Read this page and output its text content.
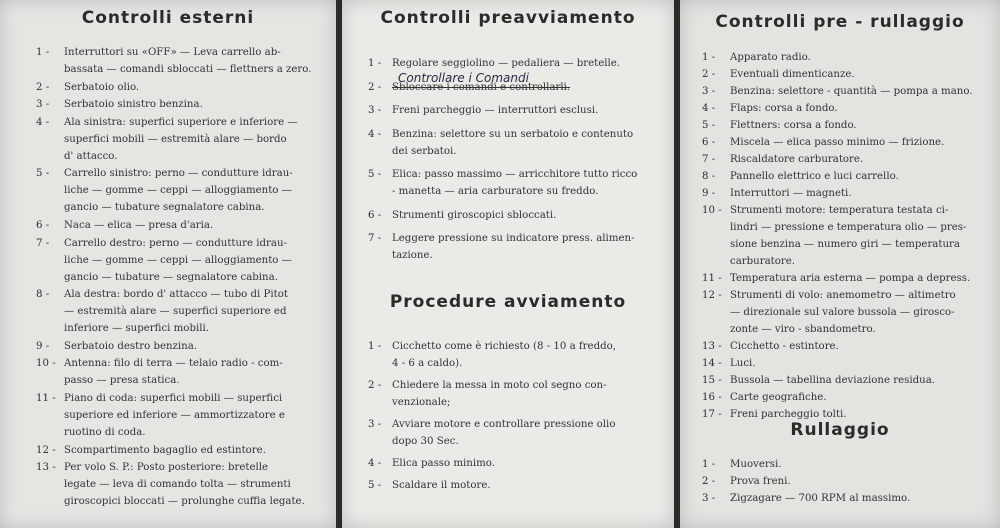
Controlli esterni
1 - Interruttori su «OFF» — Leva carrello ab-
bassata — comandi sbloccati — flettners a zero.
2 - Serbatoio olio.
3 - Serbatoio sinistro benzina.
4 - Ala sinistra: superfici superiore e inferiore —
superfici mobili — estremità alare — bordo
d' attacco.
5 - Carrello sinistro: perno — condutture idrau-
liche — gomme — ceppi — alloggiamento —
gancio — tubature segnalatore cabina.
6 - Naca — elica — presa d'aria.
7 - Carrello destro: perno — condutture idrau-
liche — gomme — ceppi — alloggiamento —
gancio — tubature — segnalatore cabina.
8 - Ala destra: bordo d' attacco — tubo di Pitot
— estremità alare — superfici superiore ed
inferiore — superfici mobili.
9 - Serbatoio destro benzina.
10 - Antenna: filo di terra — telaio radio - com-
passo — presa statica.
11 - Piano di coda: superfici mobili — superfici
superiore ed inferiore — ammortizzatore e
ruotino di coda.
12 - Scompartimento bagaglio ed estintore.
13 - Per volo S. P.: Posto posteriore: bretelle
legate — leva di comando tolta — strumenti
giroscopici bloccati — prolunghe cuffia legate.
Controlli preavviamento
1 - Regolare seggiolino — pedaliera — bretelle.
2 - Sbloccare i comandi e controllarli.
Controllare i Comandi
3 - Freni parcheggio — interruttori esclusi.
4 - Benzina: selettore su un serbatoio e contenuto
dei serbatoi.
5 - Elica: passo massimo — arricchitore tutto ricco
- manetta — aria carburatore su freddo.
6 - Strumenti giroscopici sbloccati.
7 - Leggere pressione su indicatore press. alimen-
tazione.
Procedure avviamento
1 - Cicchetto come è richiesto (8 - 10 a freddo,
4 - 6 a caldo).
2 - Chiedere la messa in moto col segno con-
venzionale;
3 - Avviare motore e controllare pressione olio
dopo 30 Sec.
4 - Elica passo minimo.
5 - Scaldare il motore.
Controlli pre - rullaggio
1 - Apparato radio.
2 - Eventuali dimenticanze.
3 - Benzina: selettore - quantità — pompa a mano.
4 - Flaps: corsa a fondo.
5 - Flettners: corsa a fondo.
6 - Miscela — elica passo minimo — frizione.
7 - Riscaldatore carburatore.
8 - Pannello elettrico e luci carrello.
9 - Interruttori — magneti.
10 - Strumenti motore: temperatura testata ci-
lindri — pressione e temperatura olio — pres-
sione benzina — numero giri — temperatura
carburatore.
11 - Temperatura aria esterna — pompa a depress.
12 - Strumenti di volo: anemometro — altimetro
— direzionale sul valore bussola — girosco-
zonte — viro - sbandometro.
13 - Cicchetto - estintore.
14 - Luci.
15 - Bussola — tabellina deviazione residua.
16 - Carte geografiche.
17 - Freni parcheggio tolti.
Rullaggio
1 - Muoversi.
2 - Prova freni.
3 - Zigzagare — 700 RPM al massimo.
